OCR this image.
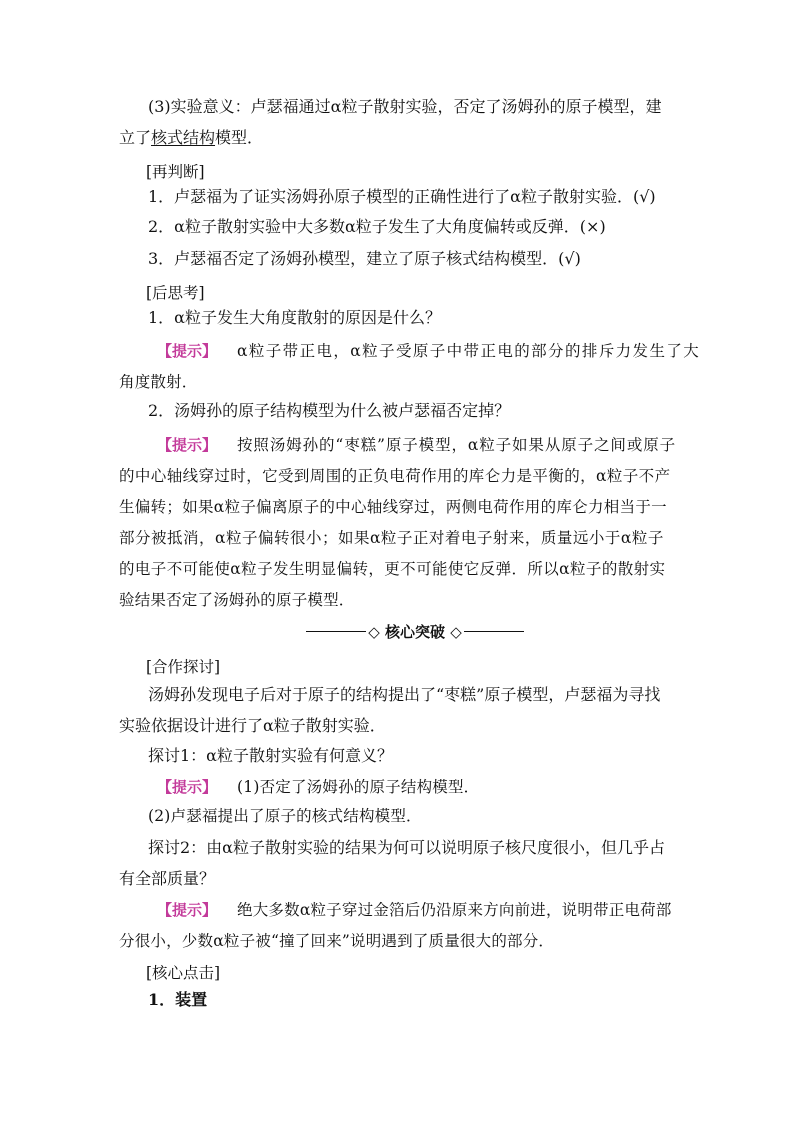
(3)实验意义：卢瑟福通过α粒子散射实验，否定了汤姆孙的原子模型，建
立了核式结构模型．
[再判断]
1．卢瑟福为了证实汤姆孙原子模型的正确性进行了α粒子散射实验．(√)
2．α粒子散射实验中大多数α粒子发生了大角度偏转或反弹．(×)
3．卢瑟福否定了汤姆孙模型，建立了原子核式结构模型．(√)
[后思考]
1．α粒子发生大角度散射的原因是什么？
【提示】 α粒子带正电，α粒子受原子中带正电的部分的排斥力发生了大
角度散射．
2．汤姆孙的原子结构模型为什么被卢瑟福否定掉？
【提示】 按照汤姆孙的“枣糕”原子模型，α粒子如果从原子之间或原子
的中心轴线穿过时，它受到周围的正负电荷作用的库仑力是平衡的，α粒子不产
生偏转；如果α粒子偏离原子的中心轴线穿过，两侧电荷作用的库仑力相当于一
部分被抵消，α粒子偏转很小；如果α粒子正对着电子射来，质量远小于α粒子
的电子不可能使α粒子发生明显偏转，更不可能使它反弹．所以α粒子的散射实
验结果否定了汤姆孙的原子模型．
◇ 核心突破 ◇
[合作探讨]
汤姆孙发现电子后对于原子的结构提出了“枣糕”原子模型，卢瑟福为寻找
实验依据设计进行了α粒子散射实验．
探讨1：α粒子散射实验有何意义？
【提示】 (1)否定了汤姆孙的原子结构模型．
(2)卢瑟福提出了原子的核式结构模型．
探讨2：由α粒子散射实验的结果为何可以说明原子核尺度很小，但几乎占
有全部质量？
【提示】 绝大多数α粒子穿过金箔后仍沿原来方向前进，说明带正电荷部
分很小，少数α粒子被“撞了回来”说明遇到了质量很大的部分．
[核心点击]
1．装置
